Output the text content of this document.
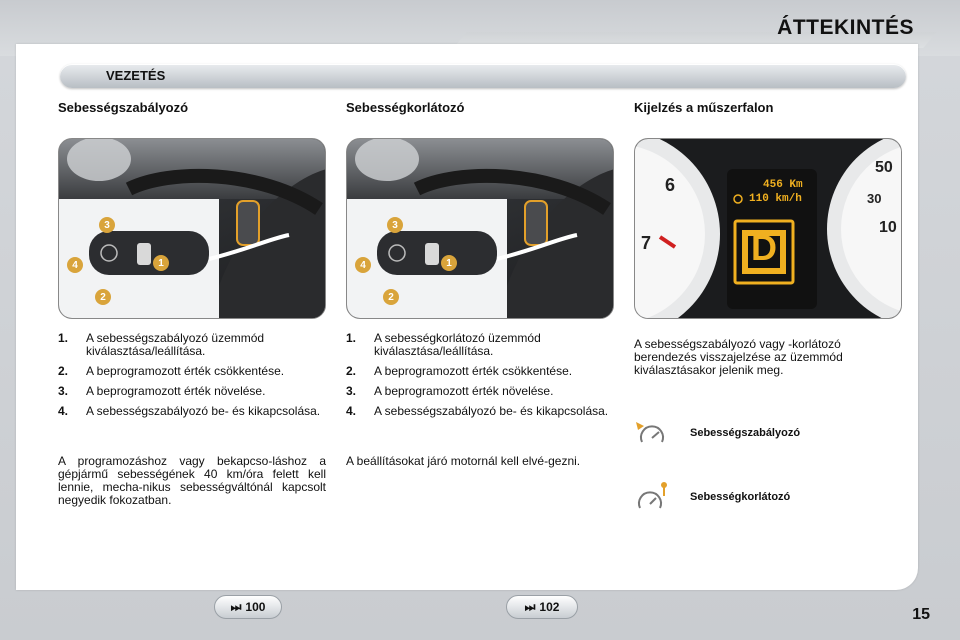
ÁTTEKINTÉS
VEZETÉS
Sebességszabályozó
3
4	1
2
1.	A sebességszabályozó üzemmód kiválasztása/leállítása.
2.	A beprogramozott érték csökkentése.
3.	A beprogramozott érték növelése.
4.	A sebességszabályozó be- és kikapcsolása.
A programozáshoz vagy bekapcso-láshoz a gépjármű sebességének 40 km/óra felett kell lennie, mecha-nikus sebességváltónál kapcsolt negyedik fokozatban.
Sebességkorlátozó
3
4	1
2
1.	A sebességkorlátozó üzemmód kiválasztása/leállítása.
2.	A beprogramozott érték csökkentése.
3.	A beprogramozott érték növelése.
4.	A sebességszabályozó be- és kikapcsolása.
A beállításokat járó motornál kell elvé-gezni.
Kijelzés a műszerfalon
6
7
50
30
10
456 Km
110 km/h
D
A sebességszabályozó vagy -korlátozó berendezés visszajelzése az üzemmód kiválasztásakor jelenik meg.
Sebességszabályozó
Sebességkorlátozó
⏭ 100	⏭ 102	15
